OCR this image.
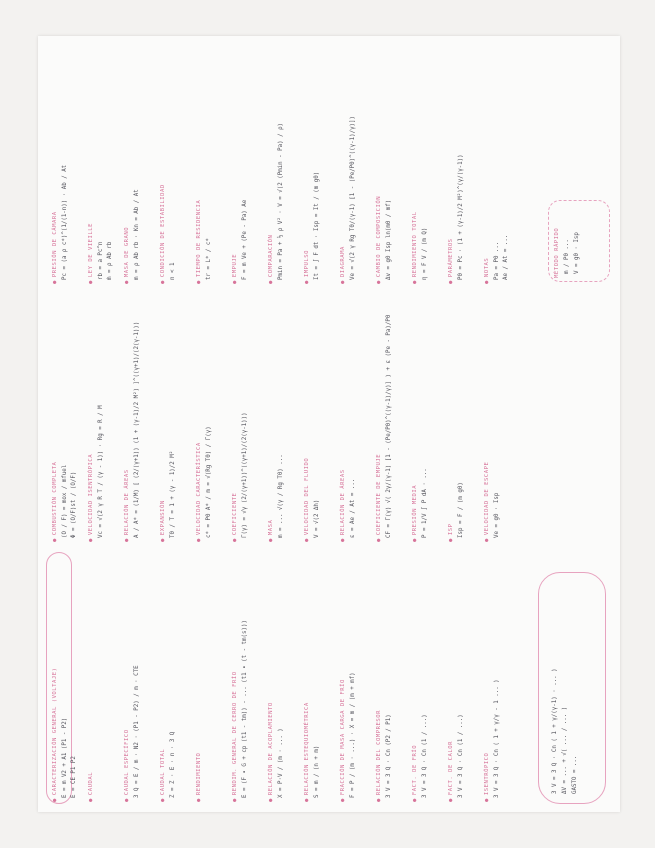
●CARACTERIZACIÓN GENERAL (VOLTAJE) E = m V2 + A1 (P1 - P2) E = CE P1 P2
●CAUDAL
●CAUDAL ESPECÍFICO 3 Q = E / m · N2 · (P1 - P2) / m · CTE
●CAUDAL TOTAL Z = Z · E · n · 3 Q
●RENDIMIENTO
●RENDIM. GENERAL DE CERRO DE FRÍO E = (F ∙ G + cp (t1 - tm)) - ... (t1 ∙ (t - tm(s)))
●RELACIÓN DE ACOPLAMIENTO X = P·V / (m · ... )
●RELACIÓN ESTEQUIOMÉTRICA S = m / (n + m)
●FRACCIÓN DE MASA CARGA DE FRÍO F = P / (m · ...) · X = m / (m + mf)
●RELACIÓN DEL COMPRESOR 3 V = 3 Q · Cn (P2 / P1)
●FACT. DE FRÍO 3 V = 3 Q · Cn (1 / ...)
●FACT. DE CALOR 3 V = 3 Q · Cn (1 / ...)
●ISENTRÓPICO 3 V = 3 Q · Cn ( 1 + γ/γ - 1 ... )
●COMBUSTIÓN COMPLETA (O / F) = mox / mfuel Φ = (O/F)st / (O/F)
●VELOCIDAD ISENTRÓPICA Vc = √(2 γ R T / (γ - 1)) · Rg = R / M
●RELACIÓN DE ÁREAS A / A* = (1/M) [ (2/(γ+1)) (1 + (γ-1)/2 M²) ]^((γ+1)/(2(γ-1)))
●EXPANSIÓN T0 / T = 1 + (γ - 1)/2 M²
●VELOCIDAD CARACTERÍSTICA c* = P0 A* / m = √(Rg T0) / Γ(γ)
●COEFICIENTE Γ(γ) = √γ (2/(γ+1))^((γ+1)/(2(γ-1)))
●MASA m = ... √(γ / Rg T0) ...
●VELOCIDAD DEL FLUIDO V = √(2 Δh)
●RELACIÓN DE ÁREAS ε = Ae / At = ...
●COEFICIENTE DE EMPUJE CF = Γ(γ) √( 2γ/(γ-1) [1 - (Pe/P0)^((γ-1)/γ)] ) + ε (Pe - Pa)/P0
●PRESIÓN MEDIA P = 1/V ∫ P dA · ...
●ISP Isp = F / (m g0)
●VELOCIDAD DE ESCAPE Ve = g0 · Isp
●PRESIÓN DE CÁMARA Pc = (a ρ c*)^(1/(1-n)) · Ab / At
●LEY DE VIEILLE rb = a Pc^n ṁ = ρ Ab rb
●MASA DE GRANO m = ρ Ab rb · Kn = Ab / At
●CONDICIÓN DE ESTABILIDAD n < 1
●TIEMPO DE RESIDENCIA tr = L* / c*
●EMPUJE F = m Ve + (Pe - Pa) Ae
●COMPARACIÓN Pmin = Pa + ½ ρ V² · V = √(2 (Pmin - Pa) / ρ)
●IMPULSO It = ∫ F dt · Isp = It / (m g0)
●DIAGRAMA Ve = √(2 γ Rg T0/(γ-1) [1 - (Pe/P0)^((γ-1)/γ)])
●CAMBIO DE COMPOSICIÓN Δv = g0 Isp ln(m0 / mf)
●RENDIMIENTO TOTAL η = F V / (m Q)
●PARÁMETROS P0 = Pc · (1 + (γ-1)/2 M²)^(γ/(γ-1))
●NOTAS Pa = P0 ... Ae / At = ...
3 V = 3 Q · Cn ( 1 + γ/(γ-1) · ... ) ΔV = ... + √( ... / ... ) GASTO = ...
MÉTODO RÁPIDO m / P0 ... V = g0 · Isp
